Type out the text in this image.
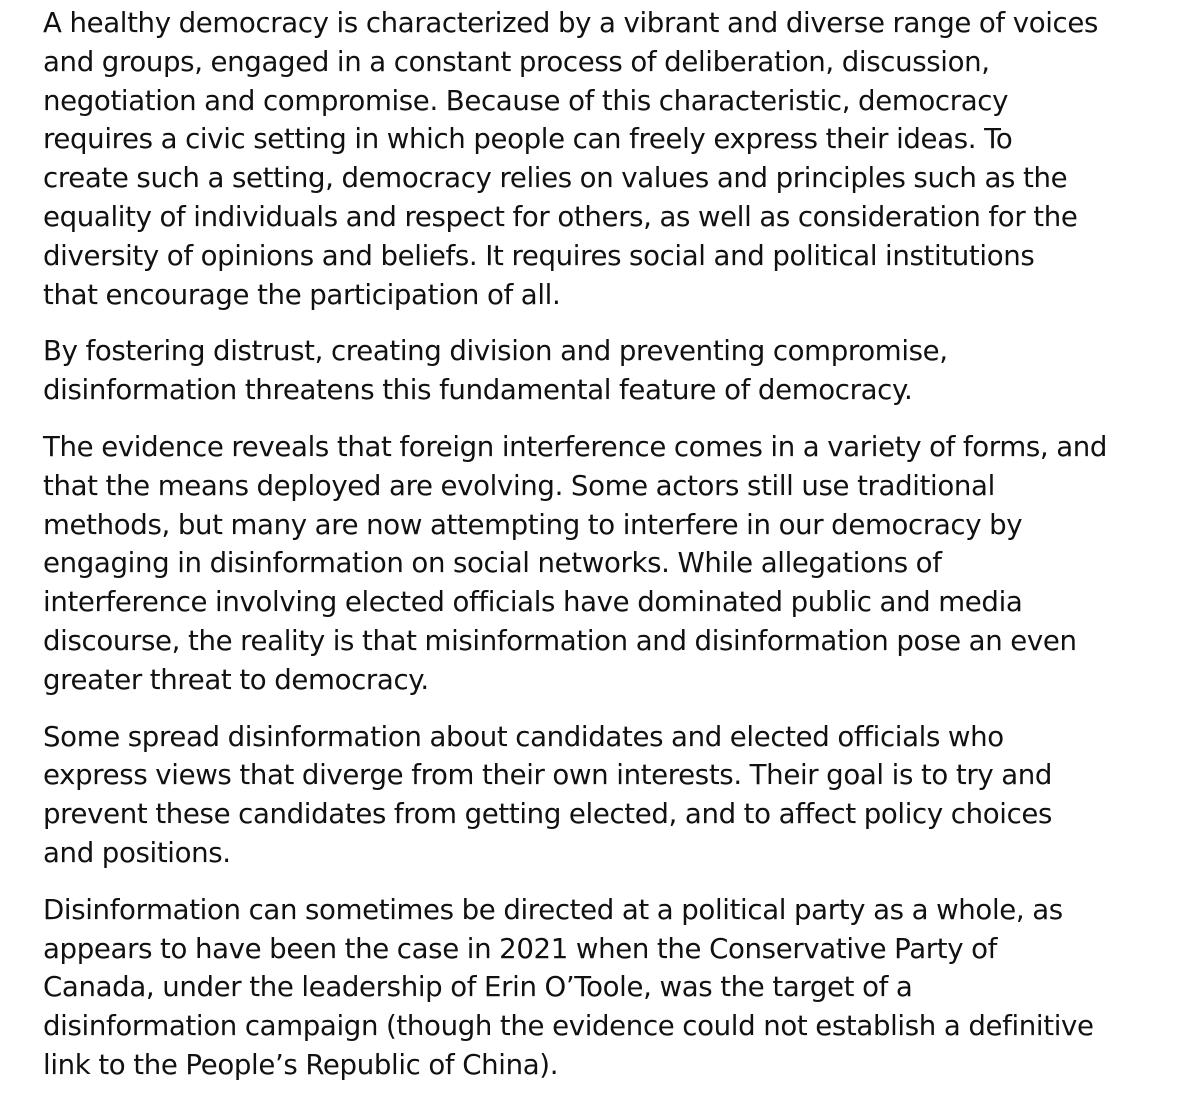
A healthy democracy is characterized by a vibrant and diverse range of voices
and groups, engaged in a constant process of deliberation, discussion,
negotiation and compromise. Because of this characteristic, democracy
requires a civic setting in which people can freely express their ideas. To
create such a setting, democracy relies on values and principles such as the
equality of individuals and respect for others, as well as consideration for the
diversity of opinions and beliefs. It requires social and political institutions
that encourage the participation of all.

By fostering distrust, creating division and preventing compromise,
disinformation threatens this fundamental feature of democracy.

The evidence reveals that foreign interference comes in a variety of forms, and
that the means deployed are evolving. Some actors still use traditional
methods, but many are now attempting to interfere in our democracy by
engaging in disinformation on social networks. While allegations of
interference involving elected officials have dominated public and media
discourse, the reality is that misinformation and disinformation pose an even
greater threat to democracy.

Some spread disinformation about candidates and elected officials who
express views that diverge from their own interests. Their goal is to try and
prevent these candidates from getting elected, and to affect policy choices
and positions.

Disinformation can sometimes be directed at a political party as a whole, as
appears to have been the case in 2021 when the Conservative Party of
Canada, under the leadership of Erin O’Toole, was the target of a
disinformation campaign (though the evidence could not establish a definitive
link to the People’s Republic of China).
